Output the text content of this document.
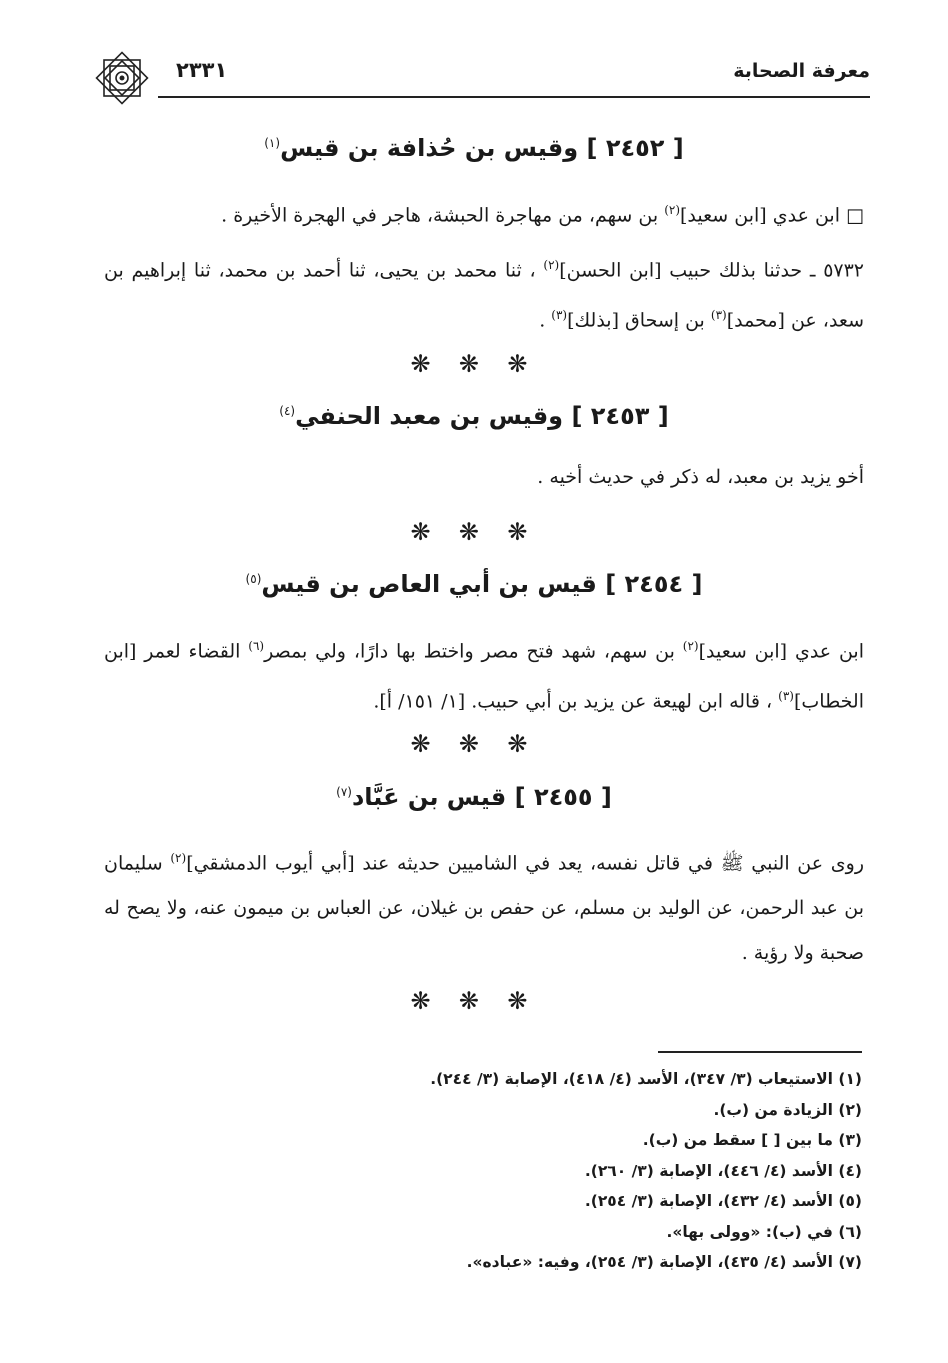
٢٣٣١	معرفة الصحابة
[ ٢٤٥٢ ] وقيس بن حُذافة بن قيس$^{(١)}$
□ ابن عدي [ابن سعيد]$^{(٢)}$ بن سهم، من مهاجرة الحبشة، هاجر في الهجرة الأخيرة .
٥٧٣٢ ـ حدثنا بذلك حبيب [ابن الحسن]$^{(٢)}$ ، ثنا محمد بن يحيى، ثنا أحمد بن محمد، ثنا إبراهيم بن سعد، عن [محمد]$^{(٣)}$ بن إسحاق [بذلك]$^{(٣)}$ .
❋ ❋ ❋
[ ٢٤٥٣ ] وقيس بن معبد الحنفي$^{(٤)}$
أخو يزيد بن معبد، له ذكر في حديث أخيه .
❋ ❋ ❋
[ ٢٤٥٤ ] قيس بن أبي العاص بن قيس$^{(٥)}$
ابن عدي [ابن سعيد]$^{(٢)}$ بن سهم، شهد فتح مصر واختط بها دارًا، ولي بمصر$^{(٦)}$ القضاء لعمر [ابن الخطاب]$^{(٣)}$ ، قاله ابن لهيعة عن يزيد بن أبي حبيب. [١/ ١٥١/ أ].
❋ ❋ ❋
[ ٢٤٥٥ ] قيس بن عَبَّاد$^{(٧)}$
روى عن النبي ﷺ في قاتل نفسه، يعد في الشاميين حديثه عند [أبي أيوب الدمشقي]$^{(٢)}$ سليمان بن عبد الرحمن، عن الوليد بن مسلم، عن حفص بن غيلان، عن العباس بن ميمون عنه، ولا يصح له صحبة ولا رؤية .
❋ ❋ ❋
(١) الاستيعاب (٣/ ٣٤٧)، الأسد (٤/ ٤١٨)، الإصابة (٣/ ٢٤٤).
(٢) الزيادة من (ب).
(٣) ما بين [ ] سقط من (ب).
(٤) الأسد (٤/ ٤٤٦)، الإصابة (٣/ ٢٦٠).
(٥) الأسد (٤/ ٤٣٢)، الإصابة (٣/ ٢٥٤).
(٦) في (ب): «وولى بها».
(٧) الأسد (٤/ ٤٣٥)، الإصابة (٣/ ٢٥٤)، وفيه: «عباده».
